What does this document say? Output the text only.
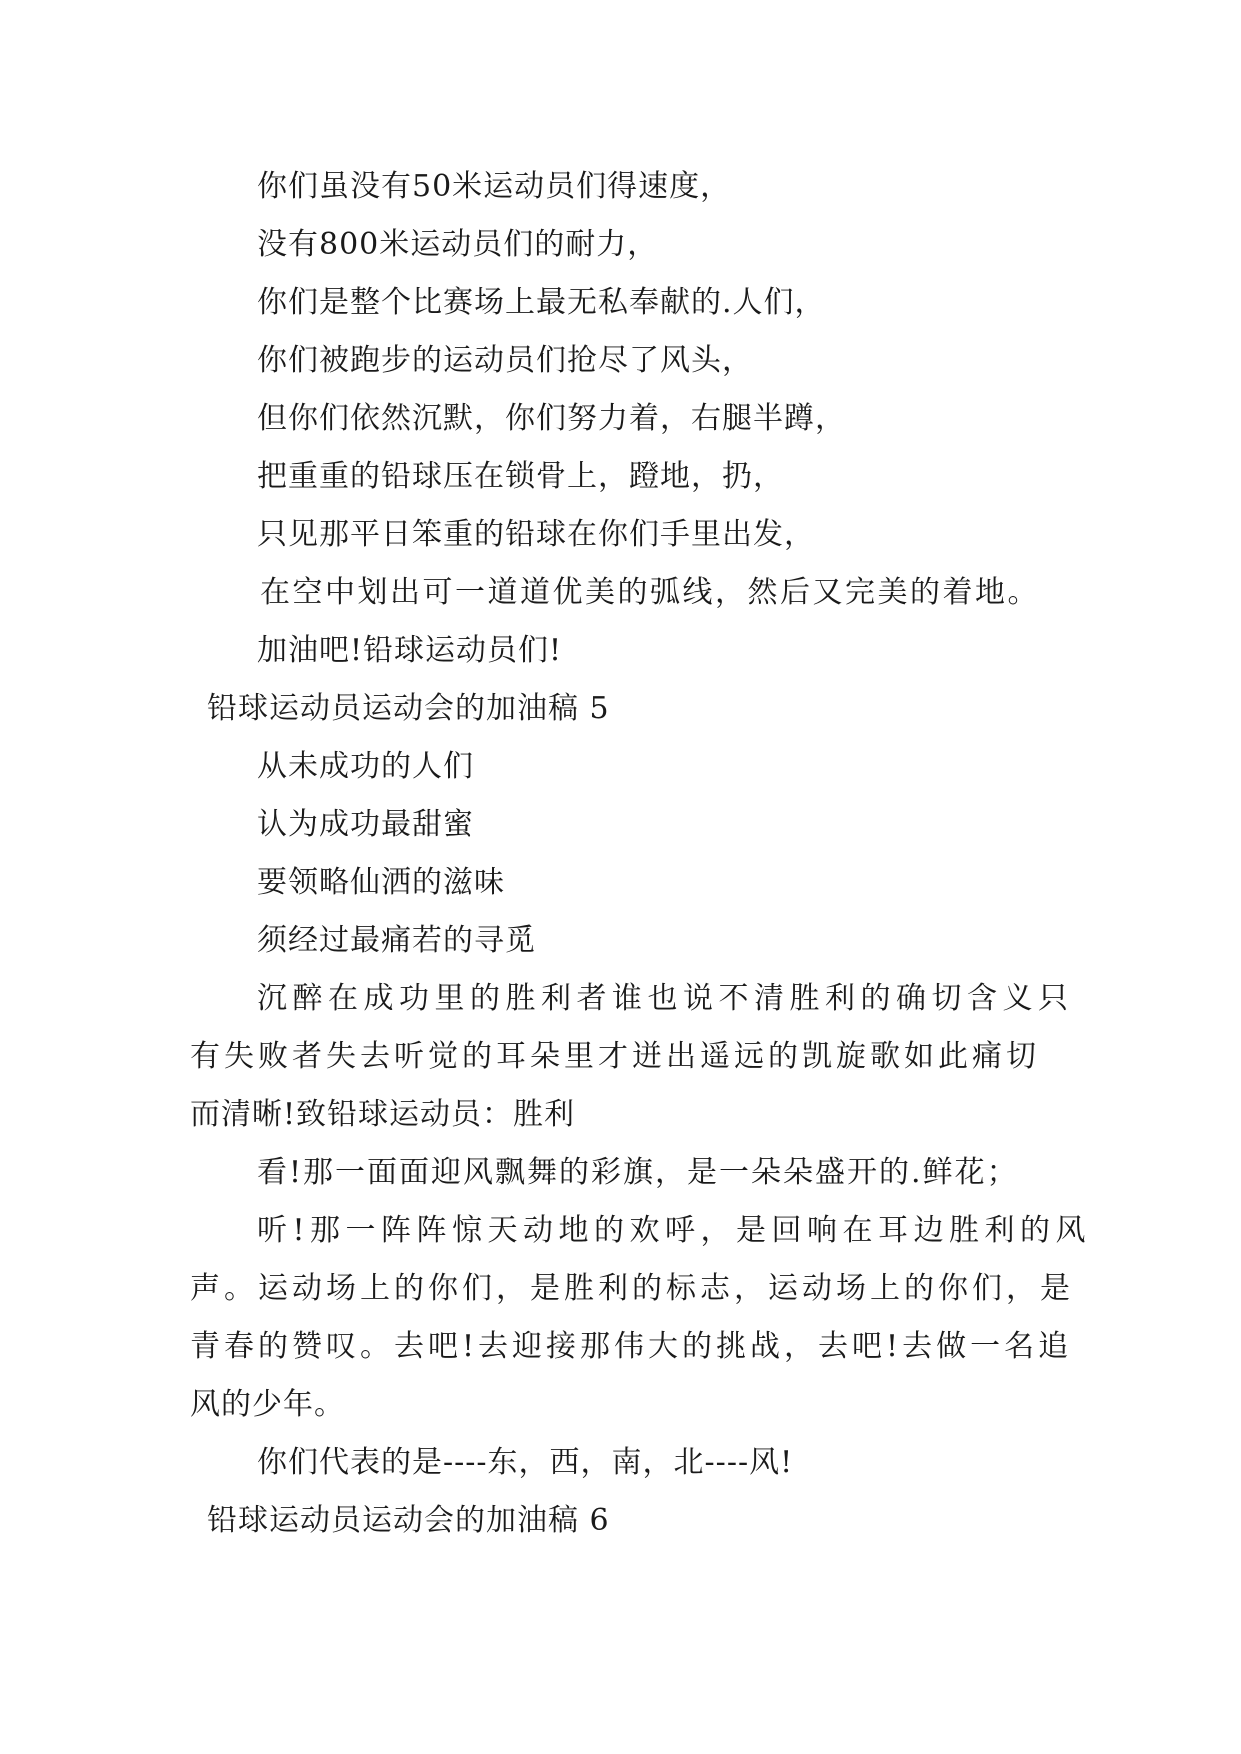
你们虽没有50米运动员们得速度，
没有800米运动员们的耐力，
你们是整个比赛场上最无私奉献的.人们，
你们被跑步的运动员们抢尽了风头，
但你们依然沉默，你们努力着，右腿半蹲，
把重重的铅球压在锁骨上，蹬地，扔，
只见那平日笨重的铅球在你们手里出发，
在空中划出可一道道优美的弧线，然后又完美的着地。
加油吧!铅球运动员们!
铅球运动员运动会的加油稿 5
从未成功的人们
认为成功最甜蜜
要领略仙洒的滋味
须经过最痛若的寻觅
沉醉在成功里的胜利者谁也说不清胜利的确切含义只
有失败者失去听觉的耳朵里才迸出遥远的凯旋歌如此痛切
而清晰!致铅球运动员：胜利
看!那一面面迎风飘舞的彩旗，是一朵朵盛开的.鲜花；
听!那一阵阵惊天动地的欢呼，是回响在耳边胜利的风
声。运动场上的你们，是胜利的标志，运动场上的你们，是
青春的赞叹。去吧!去迎接那伟大的挑战，去吧!去做一名追
风的少年。
你们代表的是----东，西，南，北----风!
铅球运动员运动会的加油稿 6
